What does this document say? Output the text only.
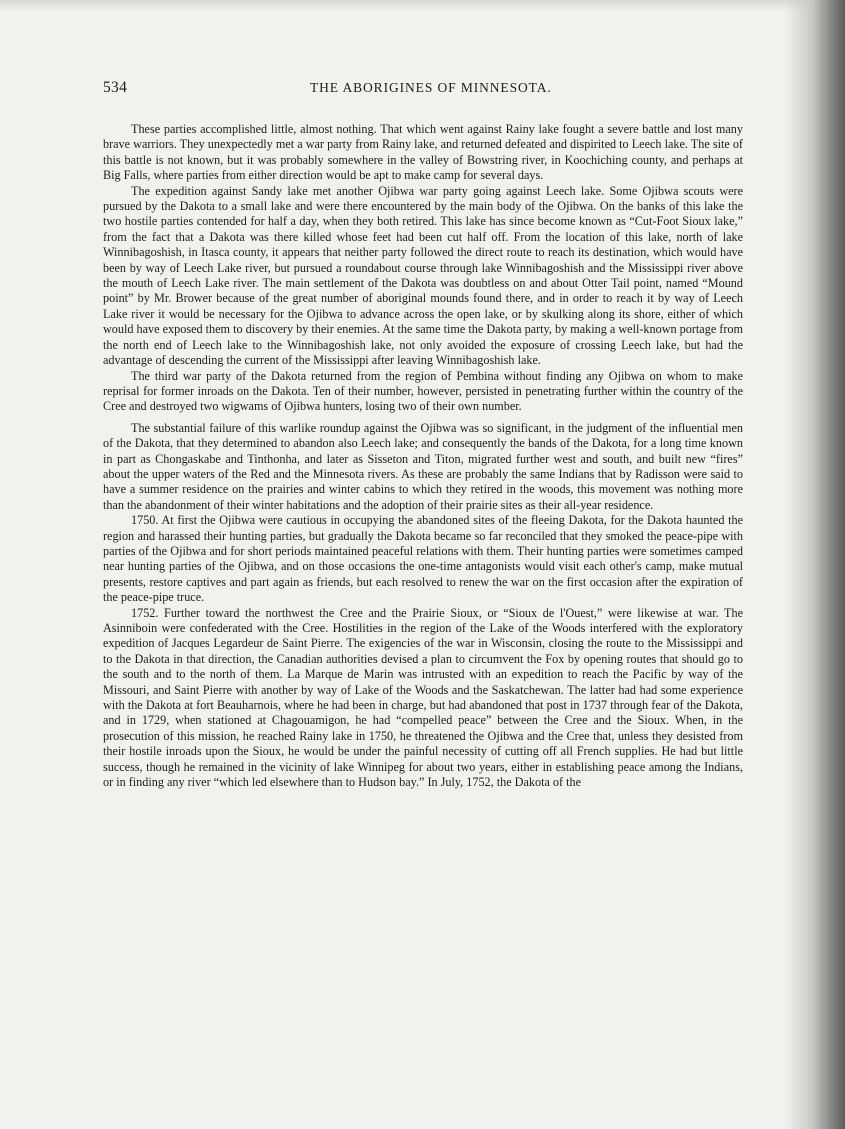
534	THE ABORIGINES OF MINNESOTA.

These parties accomplished little, almost nothing. That which went against Rainy lake fought a severe battle and lost many brave warriors. They unexpectedly met a war party from Rainy lake, and returned defeated and dispirited to Leech lake. The site of this battle is not known, but it was probably somewhere in the valley of Bowstring river, in Koochiching county, and perhaps at Big Falls, where parties from either direction would be apt to make camp for several days.

The expedition against Sandy lake met another Ojibwa war party going against Leech lake. Some Ojibwa scouts were pursued by the Dakota to a small lake and were there encountered by the main body of the Ojibwa. On the banks of this lake the two hostile parties contended for half a day, when they both retired. This lake has since become known as “Cut-Foot Sioux lake,” from the fact that a Dakota was there killed whose feet had been cut half off. From the location of this lake, north of lake Winnibagoshish, in Itasca county, it appears that neither party followed the direct route to reach its destination, which would have been by way of Leech Lake river, but pursued a roundabout course through lake Winnibagoshish and the Mississippi river above the mouth of Leech Lake river. The main settlement of the Dakota was doubtless on and about Otter Tail point, named “Mound point” by Mr. Brower because of the great number of aboriginal mounds found there, and in order to reach it by way of Leech Lake river it would be necessary for the Ojibwa to advance across the open lake, or by skulking along its shore, either of which would have exposed them to discovery by their enemies. At the same time the Dakota party, by making a well-known portage from the north end of Leech lake to the Winnibagoshish lake, not only avoided the exposure of crossing Leech lake, but had the advantage of descending the current of the Mississippi after leaving Winnibagoshish lake.

The third war party of the Dakota returned from the region of Pembina without finding any Ojibwa on whom to make reprisal for former inroads on the Dakota. Ten of their number, however, persisted in penetrating further within the country of the Cree and destroyed two wigwams of Ojibwa hunters, losing two of their own number.

The substantial failure of this warlike roundup against the Ojibwa was so significant, in the judgment of the influential men of the Dakota, that they determined to abandon also Leech lake; and consequently the bands of the Dakota, for a long time known in part as Chongaskabe and Tinthonha, and later as Sisseton and Titon, migrated further west and south, and built new “fires” about the upper waters of the Red and the Minnesota rivers. As these are probably the same Indians that by Radisson were said to have a summer residence on the prairies and winter cabins to which they retired in the woods, this movement was nothing more than the abandonment of their winter habitations and the adoption of their prairie sites as their all-year residence.

1750. At first the Ojibwa were cautious in occupying the abandoned sites of the fleeing Dakota, for the Dakota haunted the region and harassed their hunting parties, but gradually the Dakota became so far reconciled that they smoked the peace-pipe with parties of the Ojibwa and for short periods maintained peaceful relations with them. Their hunting parties were sometimes camped near hunting parties of the Ojibwa, and on those occasions the one-time antagonists would visit each other's camp, make mutual presents, restore captives and part again as friends, but each resolved to renew the war on the first occasion after the expiration of the peace-pipe truce.

1752. Further toward the northwest the Cree and the Prairie Sioux, or “Sioux de l'Ouest,” were likewise at war. The Asinniboin were confederated with the Cree. Hostilities in the region of the Lake of the Woods interfered with the exploratory expedition of Jacques Legardeur de Saint Pierre. The exigencies of the war in Wisconsin, closing the route to the Mississippi and to the Dakota in that direction, the Canadian authorities devised a plan to circumvent the Fox by opening routes that should go to the south and to the north of them. La Marque de Marin was intrusted with an expedition to reach the Pacific by way of the Missouri, and Saint Pierre with another by way of Lake of the Woods and the Saskatchewan. The latter had had some experience with the Dakota at fort Beauharnois, where he had been in charge, but had abandoned that post in 1737 through fear of the Dakota, and in 1729, when stationed at Chagouamigon, he had “compelled peace” between the Cree and the Sioux. When, in the prosecution of this mission, he reached Rainy lake in 1750, he threatened the Ojibwa and the Cree that, unless they desisted from their hostile inroads upon the Sioux, he would be under the painful necessity of cutting off all French supplies. He had but little success, though he remained in the vicinity of lake Winnipeg for about two years, either in establishing peace among the Indians, or in finding any river “which led elsewhere than to Hudson bay.” In July, 1752, the Dakota of the
